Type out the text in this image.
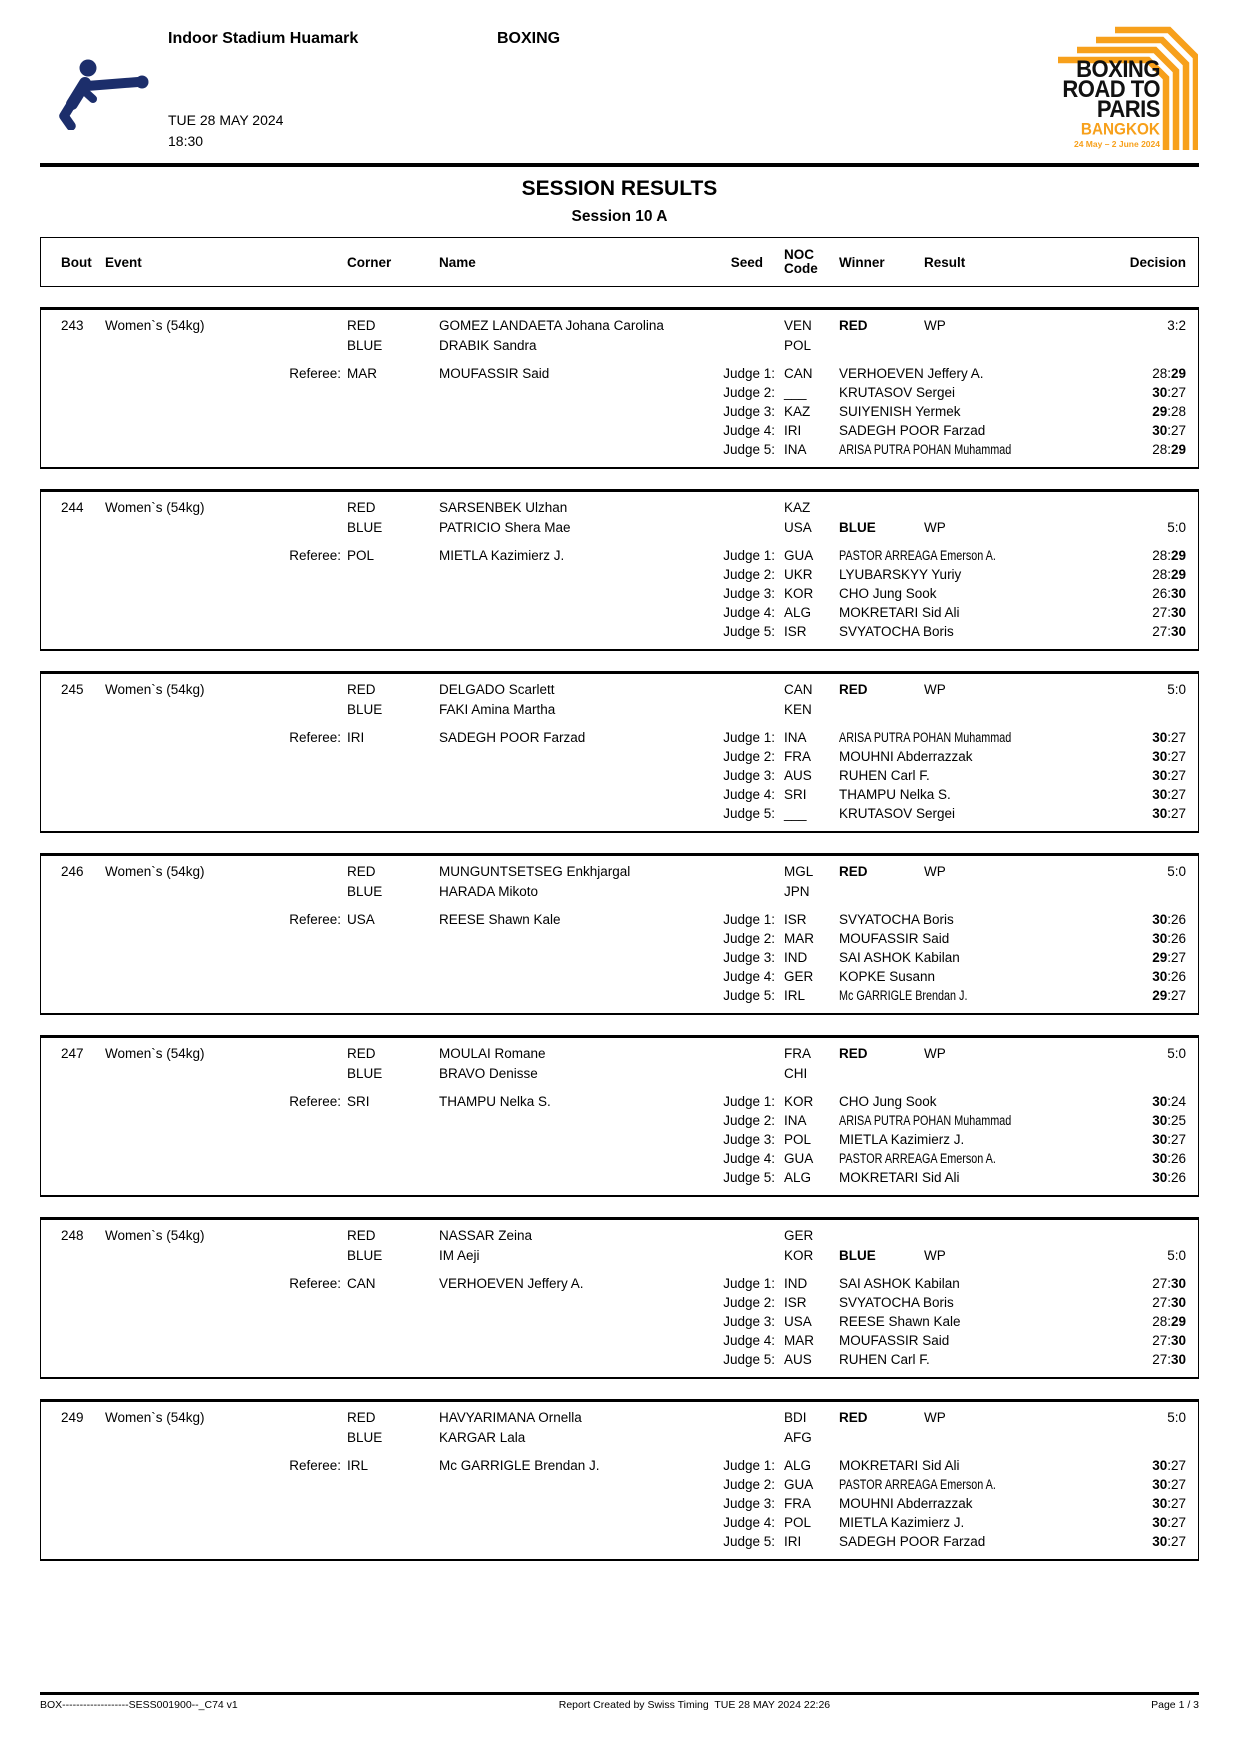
Indoor Stadium Huamark	BOXING
TUE 28 MAY 2024
18:30
BOXING
ROAD TO
PARIS
BANGKOK
24 May – 2 June 2024
SESSION RESULTS
Session 10 A
Bout Event	Corner	Name	Seed	NOC
Code	Winner	Result	Decision
243	Women`s (54kg)	RED	GOMEZ LANDAETA Johana Carolina	VEN	RED	WP	3:2
BLUE	DRABIK Sandra	POL
Referee: MAR	MOUFASSIR Said	Judge 1: CAN	VERHOEVEN Jeffery A.	28:29
Judge 2: ___	KRUTASOV Sergei	30:27
Judge 3: KAZ	SUIYENISH Yermek	29:28
Judge 4: IRI	SADEGH POOR Farzad	30:27
Judge 5: INA	ARISA PUTRA POHAN Muhammad	28:29
244	Women`s (54kg)	RED	SARSENBEK Ulzhan	KAZ
BLUE	PATRICIO Shera Mae	USA	BLUE	WP	5:0
Referee: POL	MIETLA Kazimierz J.	Judge 1: GUA	PASTOR ARREAGA Emerson A.	28:29
Judge 2: UKR	LYUBARSKYY Yuriy	28:29
Judge 3: KOR	CHO Jung Sook	26:30
Judge 4: ALG	MOKRETARI Sid Ali	27:30
Judge 5: ISR	SVYATOCHA Boris	27:30
245	Women`s (54kg)	RED	DELGADO Scarlett	CAN	RED	WP	5:0
BLUE	FAKI Amina Martha	KEN
Referee: IRI	SADEGH POOR Farzad	Judge 1: INA	ARISA PUTRA POHAN Muhammad	30:27
Judge 2: FRA	MOUHNI Abderrazzak	30:27
Judge 3: AUS	RUHEN Carl F.	30:27
Judge 4: SRI	THAMPU Nelka S.	30:27
Judge 5: ___	KRUTASOV Sergei	30:27
246	Women`s (54kg)	RED	MUNGUNTSETSEG Enkhjargal	MGL	RED	WP	5:0
BLUE	HARADA Mikoto	JPN
Referee: USA	REESE Shawn Kale	Judge 1: ISR	SVYATOCHA Boris	30:26
Judge 2: MAR	MOUFASSIR Said	30:26
Judge 3: IND	SAI ASHOK Kabilan	29:27
Judge 4: GER	KOPKE Susann	30:26
Judge 5: IRL	Mc GARRIGLE Brendan J.	29:27
247	Women`s (54kg)	RED	MOULAI Romane	FRA	RED	WP	5:0
BLUE	BRAVO Denisse	CHI
Referee: SRI	THAMPU Nelka S.	Judge 1: KOR	CHO Jung Sook	30:24
Judge 2: INA	ARISA PUTRA POHAN Muhammad	30:25
Judge 3: POL	MIETLA Kazimierz J.	30:27
Judge 4: GUA	PASTOR ARREAGA Emerson A.	30:26
Judge 5: ALG	MOKRETARI Sid Ali	30:26
248	Women`s (54kg)	RED	NASSAR Zeina	GER
BLUE	IM Aeji	KOR	BLUE	WP	5:0
Referee: CAN	VERHOEVEN Jeffery A.	Judge 1: IND	SAI ASHOK Kabilan	27:30
Judge 2: ISR	SVYATOCHA Boris	27:30
Judge 3: USA	REESE Shawn Kale	28:29
Judge 4: MAR	MOUFASSIR Said	27:30
Judge 5: AUS	RUHEN Carl F.	27:30
249	Women`s (54kg)	RED	HAVYARIMANA Ornella	BDI	RED	WP	5:0
BLUE	KARGAR Lala	AFG
Referee: IRL	Mc GARRIGLE Brendan J.	Judge 1: ALG	MOKRETARI Sid Ali	30:27
Judge 2: GUA	PASTOR ARREAGA Emerson A.	30:27
Judge 3: FRA	MOUHNI Abderrazzak	30:27
Judge 4: POL	MIETLA Kazimierz J.	30:27
Judge 5: IRI	SADEGH POOR Farzad	30:27
BOX-------------------SESS001900--_C74 v1	Report Created by Swiss Timing  TUE 28 MAY 2024 22:26	Page 1 / 3
